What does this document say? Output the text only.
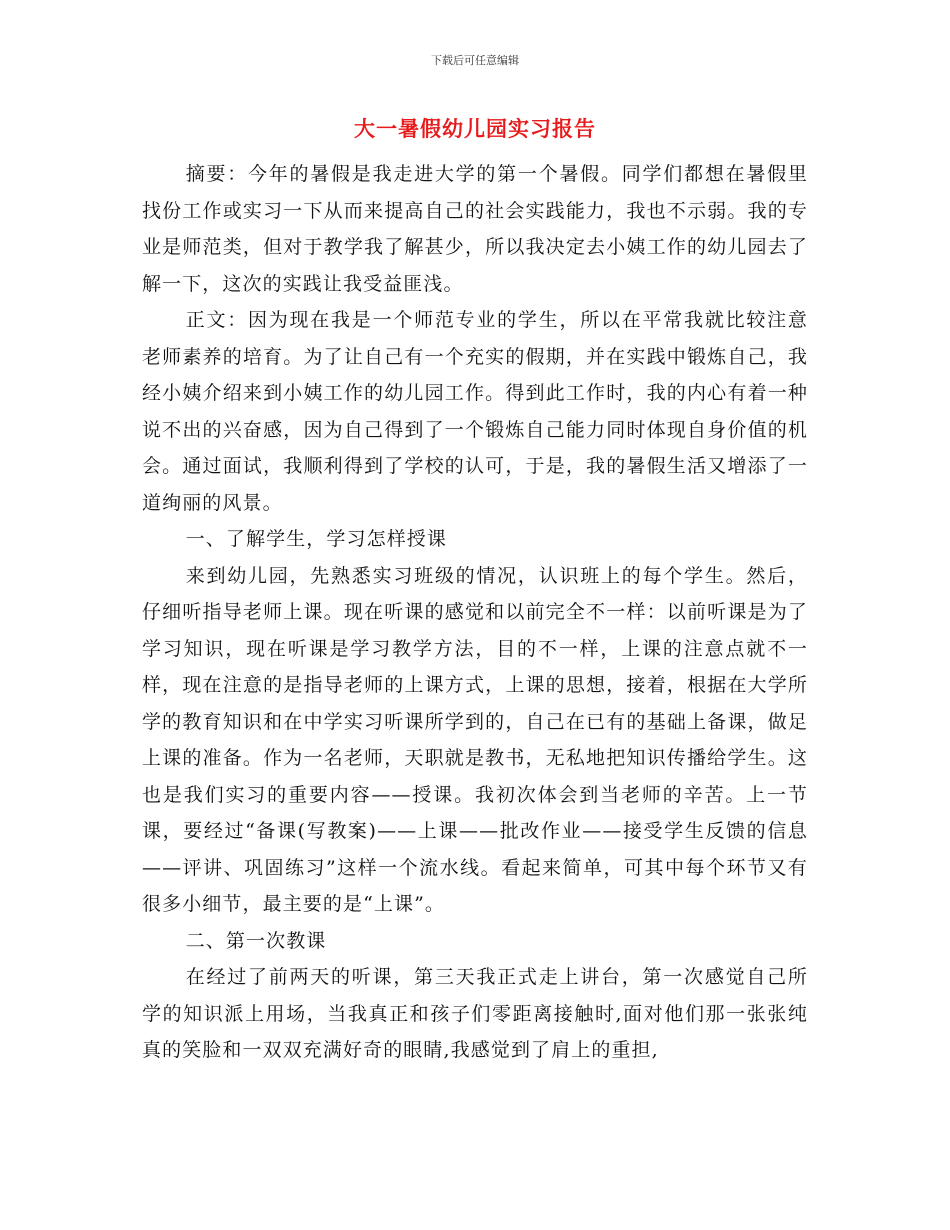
下载后可任意编辑
大一暑假幼儿园实习报告

摘要：今年的暑假是我走进大学的第一个暑假。同学们都想在暑假里找份工作或实习一下从而来提高自己的社会实践能力，我也不示弱。我的专业是师范类，但对于教学我了解甚少，所以我决定去小姨工作的幼儿园去了解一下，这次的实践让我受益匪浅。

正文：因为现在我是一个师范专业的学生，所以在平常我就比较注意老师素养的培育。为了让自己有一个充实的假期，并在实践中锻炼自己，我经小姨介绍来到小姨工作的幼儿园工作。得到此工作时，我的内心有着一种说不出的兴奋感，因为自己得到了一个锻炼自己能力同时体现自身价值的机会。通过面试，我顺利得到了学校的认可，于是，我的暑假生活又增添了一道绚丽的风景。

一、了解学生，学习怎样授课

来到幼儿园，先熟悉实习班级的情况，认识班上的每个学生。然后，仔细听指导老师上课。现在听课的感觉和以前完全不一样：以前听课是为了学习知识，现在听课是学习教学方法，目的不一样，上课的注意点就不一样，现在注意的是指导老师的上课方式，上课的思想，接着，根据在大学所学的教育知识和在中学实习听课所学到的，自己在已有的基础上备课，做足上课的准备。作为一名老师，天职就是教书，无私地把知识传播给学生。这也是我们实习的重要内容——授课。我初次体会到当老师的辛苦。上一节课，要经过“备课(写教案)——上课——批改作业——接受学生反馈的信息——评讲、巩固练习”这样一个流水线。看起来简单，可其中每个环节又有很多小细节，最主要的是“上课”。

二、第一次教课

在经过了前两天的听课，第三天我正式走上讲台，第一次感觉自己所学的知识派上用场，当我真正和孩子们零距离接触时,面对他们那一张张纯真的笑脸和一双双充满好奇的眼睛,我感觉到了肩上的重担,
